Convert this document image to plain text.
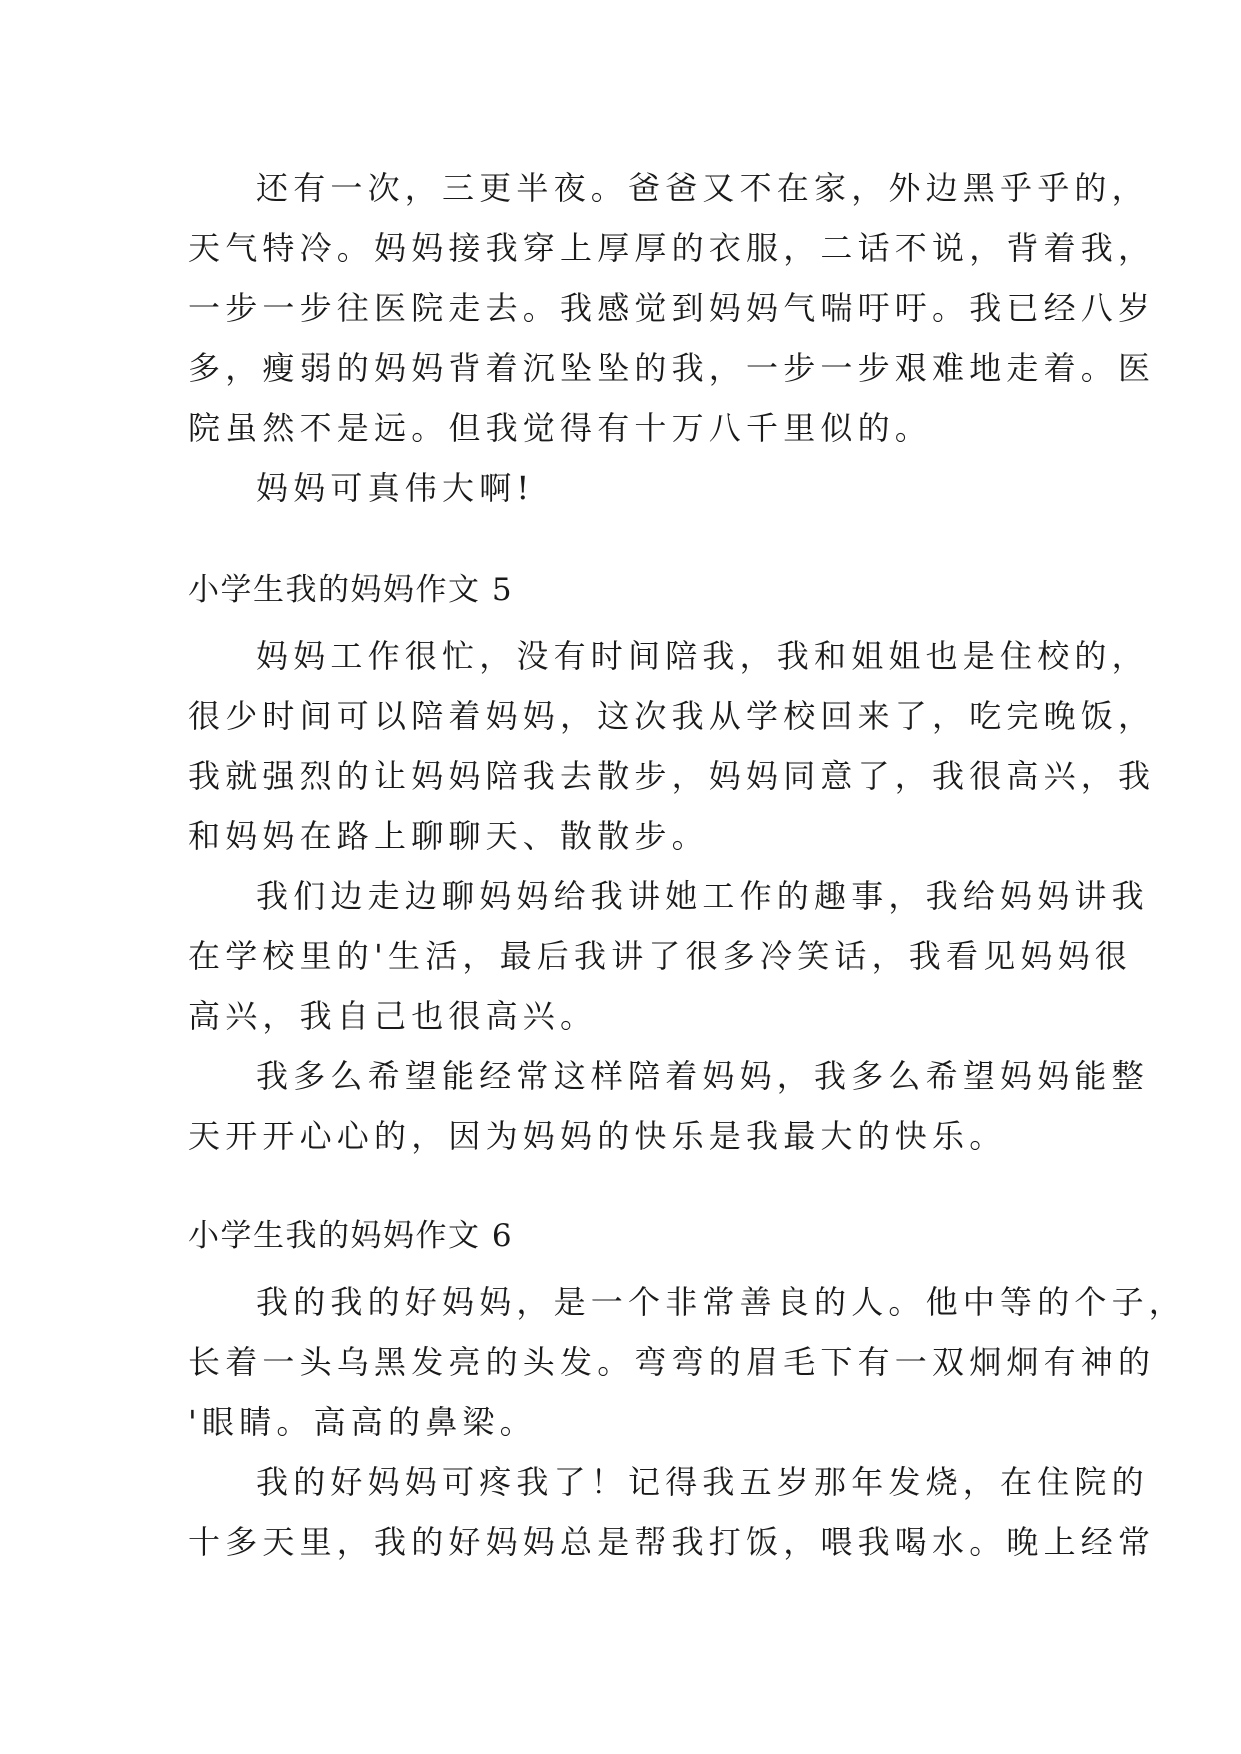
还有一次，三更半夜。爸爸又不在家，外边黑乎乎的，
天气特冷。妈妈接我穿上厚厚的衣服，二话不说，背着我，
一步一步往医院走去。我感觉到妈妈气喘吁吁。我已经八岁
多，瘦弱的妈妈背着沉坠坠的我，一步一步艰难地走着。医
院虽然不是远。但我觉得有十万八千里似的。
妈妈可真伟大啊!
小学生我的妈妈作文 5
妈妈工作很忙，没有时间陪我，我和姐姐也是住校的，
很少时间可以陪着妈妈，这次我从学校回来了，吃完晚饭，
我就强烈的让妈妈陪我去散步，妈妈同意了，我很高兴，我
和妈妈在路上聊聊天、散散步。
我们边走边聊妈妈给我讲她工作的趣事，我给妈妈讲我
在学校里的'生活，最后我讲了很多冷笑话，我看见妈妈很
高兴，我自己也很高兴。
我多么希望能经常这样陪着妈妈，我多么希望妈妈能整
天开开心心的，因为妈妈的快乐是我最大的快乐。
小学生我的妈妈作文 6
我的我的好妈妈，是一个非常善良的人。他中等的个子，
长着一头乌黑发亮的头发。弯弯的眉毛下有一双炯炯有神的
'眼睛。高高的鼻梁。
我的好妈妈可疼我了！记得我五岁那年发烧，在住院的
十多天里，我的好妈妈总是帮我打饭，喂我喝水。晚上经常
